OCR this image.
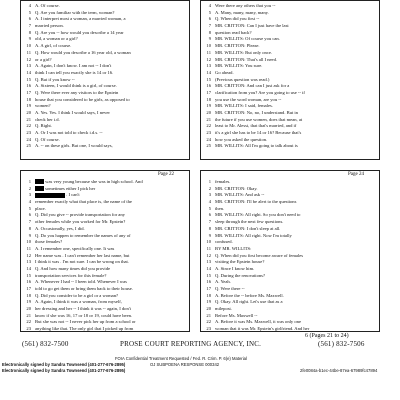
4 A. Of course.
5 Q. Are you familiar with the term, woman?
6 A. I interpret most a woman, a married woman, a
7 married person.
8 Q. Are you -- how would you describe a 14 year
9 old, a woman or a girl?
10 A. A girl, of course.
11 Q. How would you describe a 16 year old, a woman
12 or a girl?
13 A. Again, I don't know. I am not -- I don't
14 think I can tell you exactly she is 14 or 16.
15 Q. But if you know --
16 A. Sixteen, I would think is a girl, of course.
17 Q. Were there ever any visitors to the Epstein
18 house that you considered to be girls, as opposed to
19 women?
20 A. Yes. Yes. I think I would says, I never
21 check her i.d.
22 Q. Right.
23 A. Or I was not told to check i.d.s. --
24 Q. Of course.
25 A. -- on these girls. But one, I would says,
4 Were there any others that you --
5 A. Many, many, many, many.
6 Q. When did you first --
7 MR. CRITTON: Can I just have the last
8 question read back?
9 MR. WILLITS: Of course you can.
10 MR. CRITTON: Please.
11 MR. WILLITS: But only once.
12 MR. CRITTON: That's all I need.
13 MR. WILLITS: You sure.
14 Go ahead.
15 (Previous question was read.)
16 MR. CRITTON: And can I just ask for a
17 clarification from you? Are you going to use -- if
18 you use the word woman, are you --
19 MR. WILLITS: I said, females.
20 MR. CRITTON: No, no, I understand. But in
21 the future if you use women, does that mean, at
22 least to Mr. Alessi, that that's married, and if
23 it's a girl she has to be 14 or 16? Because that's
24 how you asked the question.
25 MR. WILLITS: All I'm going to talk about is
Page 22
1	was very young because she was in high school. And
2	sometimes either I pick her
3	. I can't
4 remember exactly what that place is, the name of the
5 place.
6 Q. Did you give -- provide transportation for any
7 other females while you worked for Mr. Epstein?
8 A. Occasionally, yes, I did.
9 Q. Do you happen to remember the names of any of
10 those females?
11 A. I remember one, specifically one. It was
12 Her name was . I can't remember her last name, but
13 I think it was . I'm not sure. I can be wrong on that.
14 Q. And how many times did you provide
15 transportation services for this female?
16 A. Whenever I had -- I been told. Whenever I was
17 told to go get them or bring them back to their house.
18 Q. Did you consider to be a girl or a woman?
19 A. Again, I think it was a woman, from myself,
20 her dressing and her -- I think it was -- again, I don't
21 know if she was 16, 17 or 18 or 19, could have been.
22 But she was not -- I never pick her up from a school or
23 anything like that. The only girl that I picked up from
Page 24
1 females.
2 MR. CRITTON: Okay.
3 MR. WILLITS: And ask --
4 MR. CRITTON: I'll be alert to the questions
5 then.
6 MR. WILLITS: All right. So you don't need to
7 sleep through the next few questions.
8 MR. CRITTON: I don't sleep at all.
9 MR. WILLITS: All right. Now I'm totally
10 confused.
11 BY MR. WILLITS:
12 Q. When did you first become aware of females
13 visiting the Epstein house?
14 A. Since I know him.
15 Q. During the renovations?
16 A. Yeah.
17 Q. Were there --
18 A. Before the -- before Ms. Maxwell.
19 Q. Okay. All right. Let's use that as a
20 milepost.
21 Before Ms. Maxwell --
22 A. Before it was Ms. Maxwell, it was only one
23 woman that it was Mr. Epstein's girlfriend. And her
6 (Pages 21 to 24)
(561) 832-7500	PROSE COURT REPORTING AGENCY, INC.	(561) 832-7506
FOIA Confidential Treatment Requested / Fed. R. Crim. P. 6(e) Material
Electronically signed by Sandra Townsend (401-277-676-2895)	OJ SUBPOENA RESPONSE 000342
Electronically signed by Sandra Townsend (401-277-676-2895)	2fe0084a-b1ec-44be-87ea-67989fc47894
